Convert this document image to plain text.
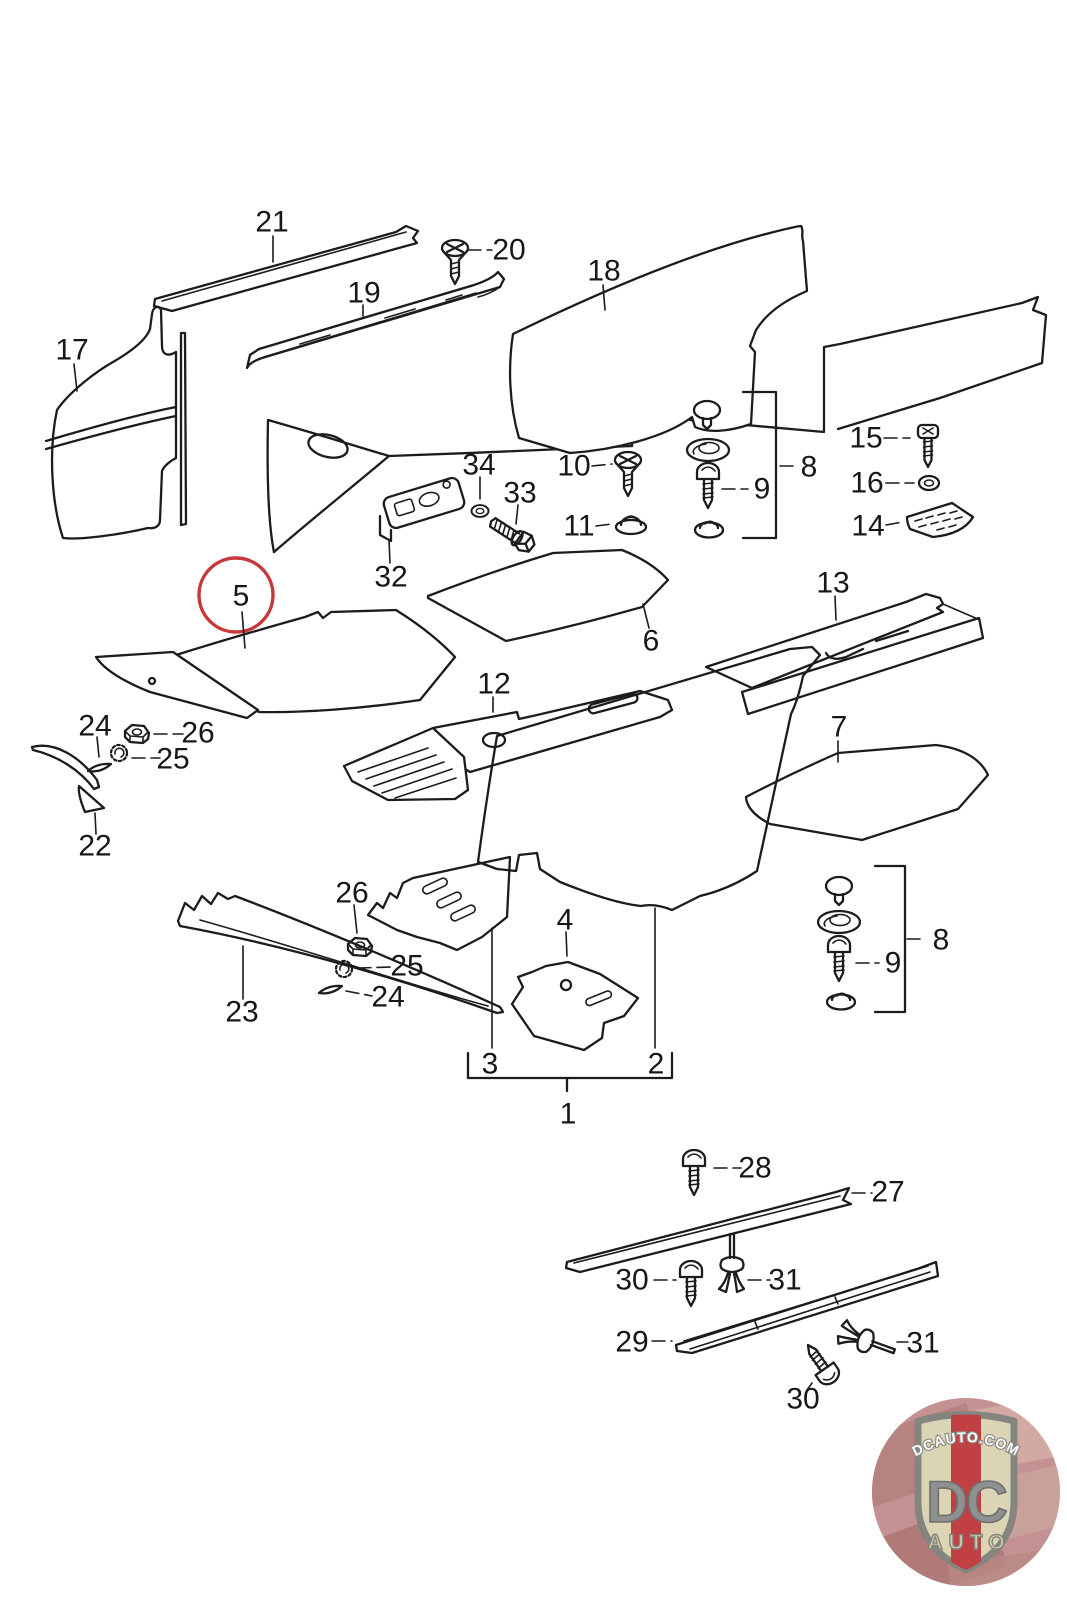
21
20
19
18
17
34
33
10
11
15
16
14
8
9
5
6
13
12
7
24 26
25
22
23
26
25
24
4
3	2
1
8
9
28
27
30	31
29	31
30
32
DCAUTO.COM
DC
AUTO
